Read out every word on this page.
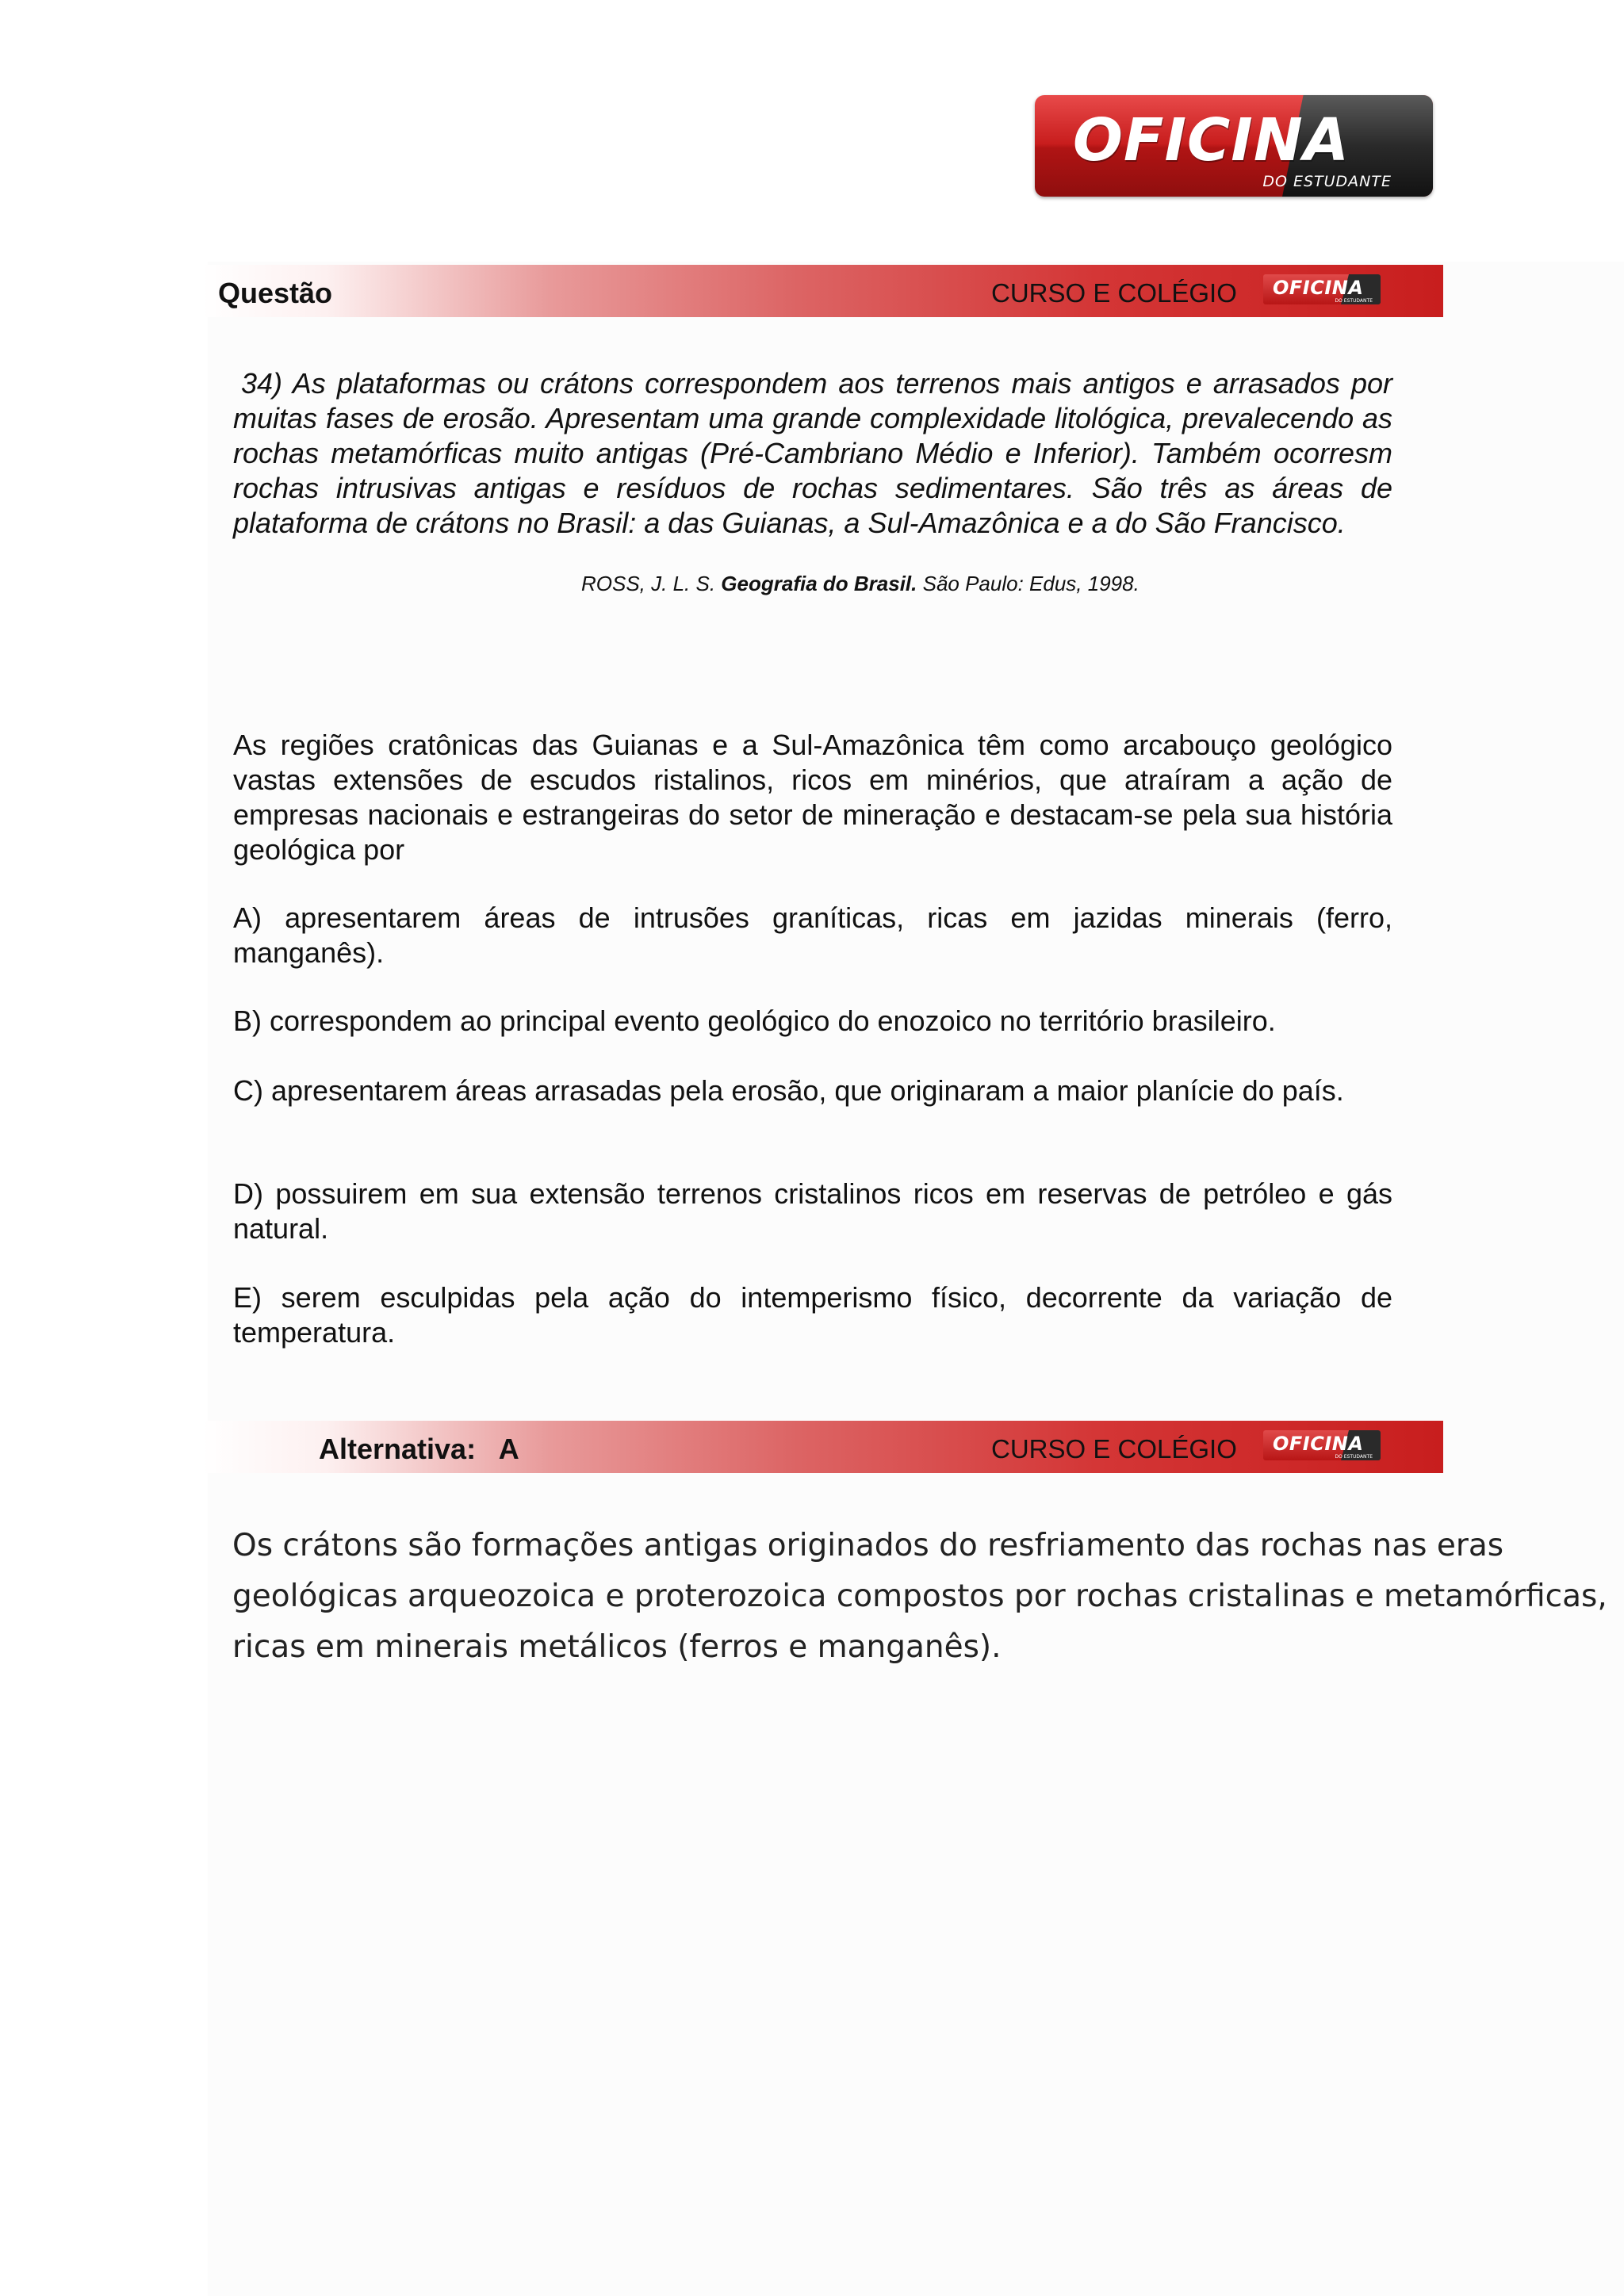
OFICINA
DO ESTUDANTE
Questão	CURSO E COLÉGIO OFICINA
DO ESTUDANTE
34) As plataformas ou crátons correspondem aos terrenos mais antigos e arrasados por muitas fases de erosão. Apresentam uma grande complexidade litológica, prevalecendo as rochas metamórficas muito antigas (Pré-Cambriano Médio e Inferior). Também ocorresm rochas intrusivas antigas e resíduos de rochas sedimentares. São três as áreas de plataforma de crátons no Brasil: a das Guianas, a Sul-Amazônica e a do São Francisco.
ROSS, J. L. S. Geografia do Brasil. São Paulo: Edus, 1998.
As regiões cratônicas das Guianas e a Sul-Amazônica têm como arcabouço geológico vastas extensões de escudos ristalinos, ricos em minérios, que atraíram a ação de empresas nacionais e estrangeiras do setor de mineração e destacam-se pela sua história geológica por
A) apresentarem áreas de intrusões graníticas, ricas em jazidas minerais (ferro, manganês).
B) correspondem ao principal evento geológico do enozoico no território brasileiro.
C) apresentarem áreas arrasadas pela erosão, que originaram a maior planície do país.
D) possuirem em sua extensão terrenos cristalinos ricos em reservas de petróleo e gás natural.
E) serem esculpidas pela ação do intemperismo físico, decorrente da variação de temperatura.
Alternativa: A	CURSO E COLÉGIO OFICINA
DO ESTUDANTE
Os crátons são formações antigas originados do resfriamento das rochas nas eras geológicas arqueozoica e proterozoica compostos por rochas cristalinas e metamórficas, ricas em minerais metálicos (ferros e manganês).
